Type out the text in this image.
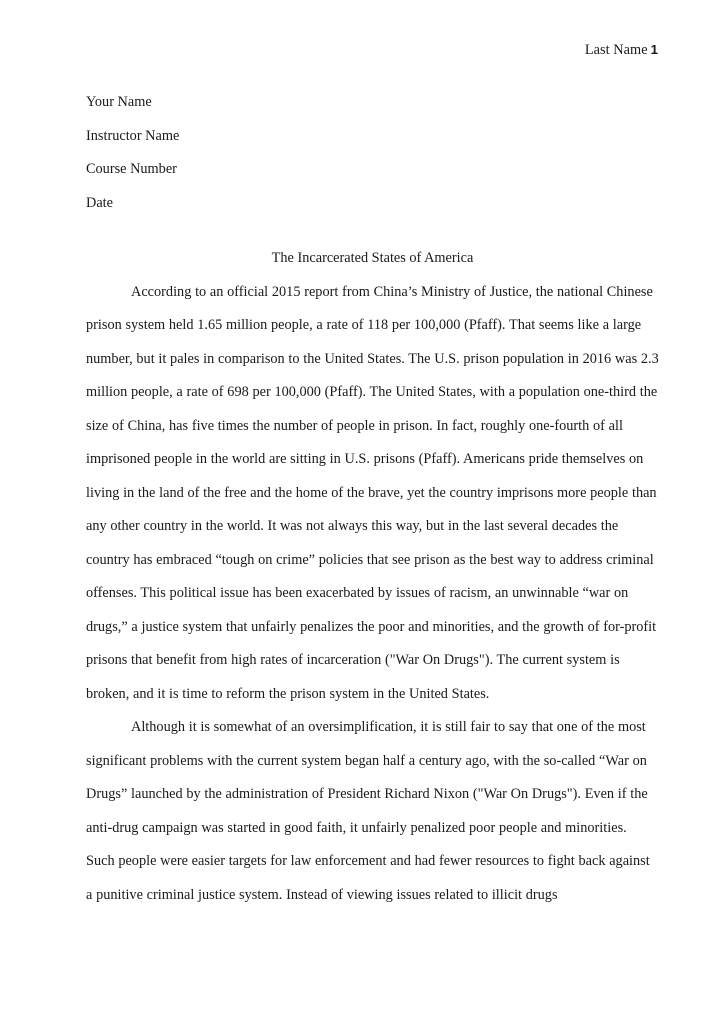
Last Name 1
Your Name
Instructor Name
Course Number
Date
The Incarcerated States of America

According to an official 2015 report from China’s Ministry of Justice, the national Chinese prison system held 1.65 million people, a rate of 118 per 100,000 (Pfaff). That seems like a large number, but it pales in comparison to the United States. The U.S. prison population in 2016 was 2.3 million people, a rate of 698 per 100,000 (Pfaff). The United States, with a population one-third the size of China, has five times the number of people in prison. In fact, roughly one-fourth of all imprisoned people in the world are sitting in U.S. prisons (Pfaff). Americans pride themselves on living in the land of the free and the home of the brave, yet the country imprisons more people than any other country in the world. It was not always this way, but in the last several decades the country has embraced “tough on crime” policies that see prison as the best way to address criminal offenses. This political issue has been exacerbated by issues of racism, an unwinnable “war on drugs,” a justice system that unfairly penalizes the poor and minorities, and the growth of for-profit prisons that benefit from high rates of incarceration ("War On Drugs"). The current system is broken, and it is time to reform the prison system in the United States.

Although it is somewhat of an oversimplification, it is still fair to say that one of the most significant problems with the current system began half a century ago, with the so-called “War on Drugs” launched by the administration of President Richard Nixon ("War On Drugs"). Even if the anti-drug campaign was started in good faith, it unfairly penalized poor people and minorities. Such people were easier targets for law enforcement and had fewer resources to fight back against a punitive criminal justice system. Instead of viewing issues related to illicit drugs
